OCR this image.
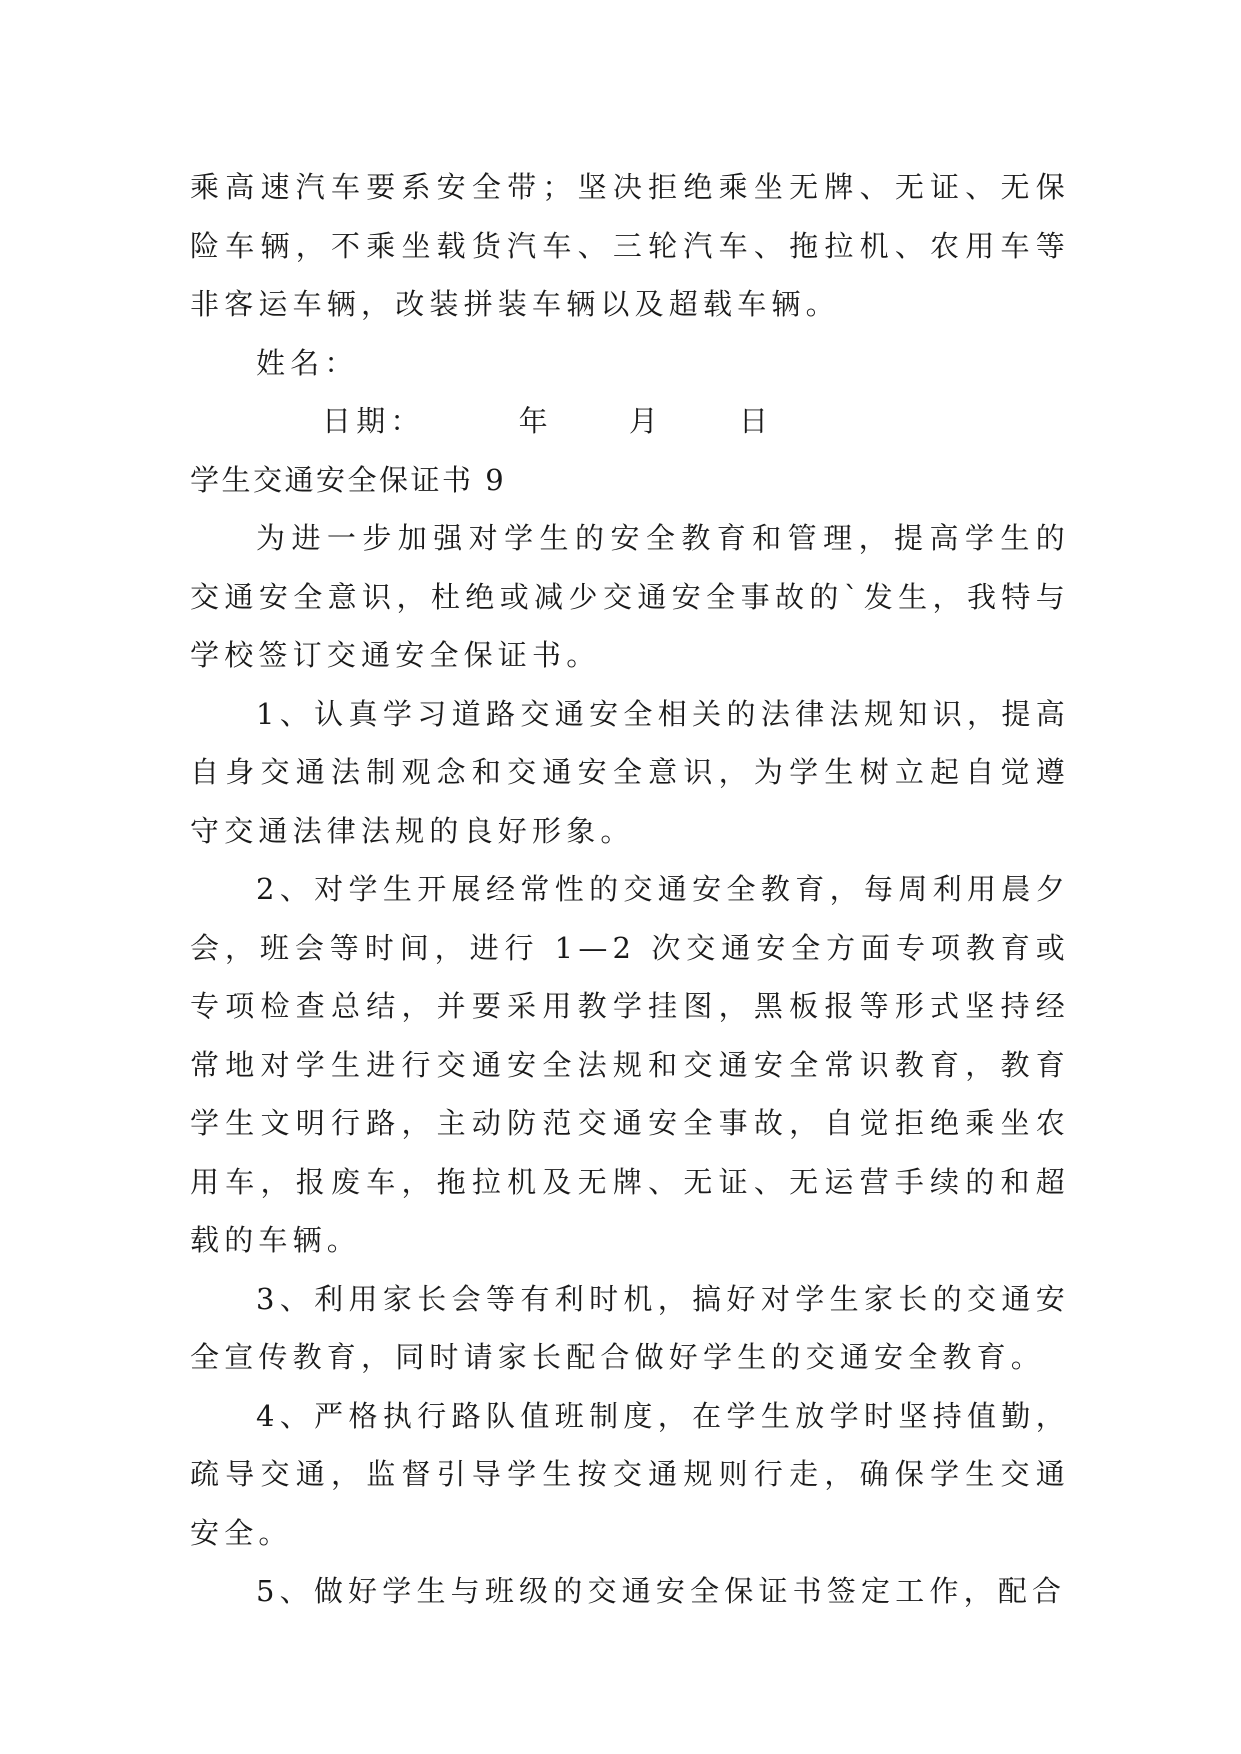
乘高速汽车要系安全带；坚决拒绝乘坐无牌、无证、无保险车辆，不乘坐载货汽车、三轮汽车、拖拉机、农用车等非客运车辆，改装拼装车辆以及超载车辆。

姓名：

日期：	年	月	日

学生交通安全保证书 9

为进一步加强对学生的安全教育和管理，提高学生的交通安全意识，杜绝或减少交通安全事故的`发生，我特与学校签订交通安全保证书。

1、认真学习道路交通安全相关的法律法规知识，提高自身交通法制观念和交通安全意识，为学生树立起自觉遵守交通法律法规的良好形象。

2、对学生开展经常性的交通安全教育，每周利用晨夕会，班会等时间，进行 1—2 次交通安全方面专项教育或专项检查总结，并要采用教学挂图，黑板报等形式坚持经常地对学生进行交通安全法规和交通安全常识教育，教育学生文明行路，主动防范交通安全事故，自觉拒绝乘坐农用车，报废车，拖拉机及无牌、无证、无运营手续的和超载的车辆。

3、利用家长会等有利时机，搞好对学生家长的交通安全宣传教育，同时请家长配合做好学生的交通安全教育。

4、严格执行路队值班制度，在学生放学时坚持值勤，疏导交通，监督引导学生按交通规则行走，确保学生交通安全。

5、做好学生与班级的交通安全保证书签定工作，配合
